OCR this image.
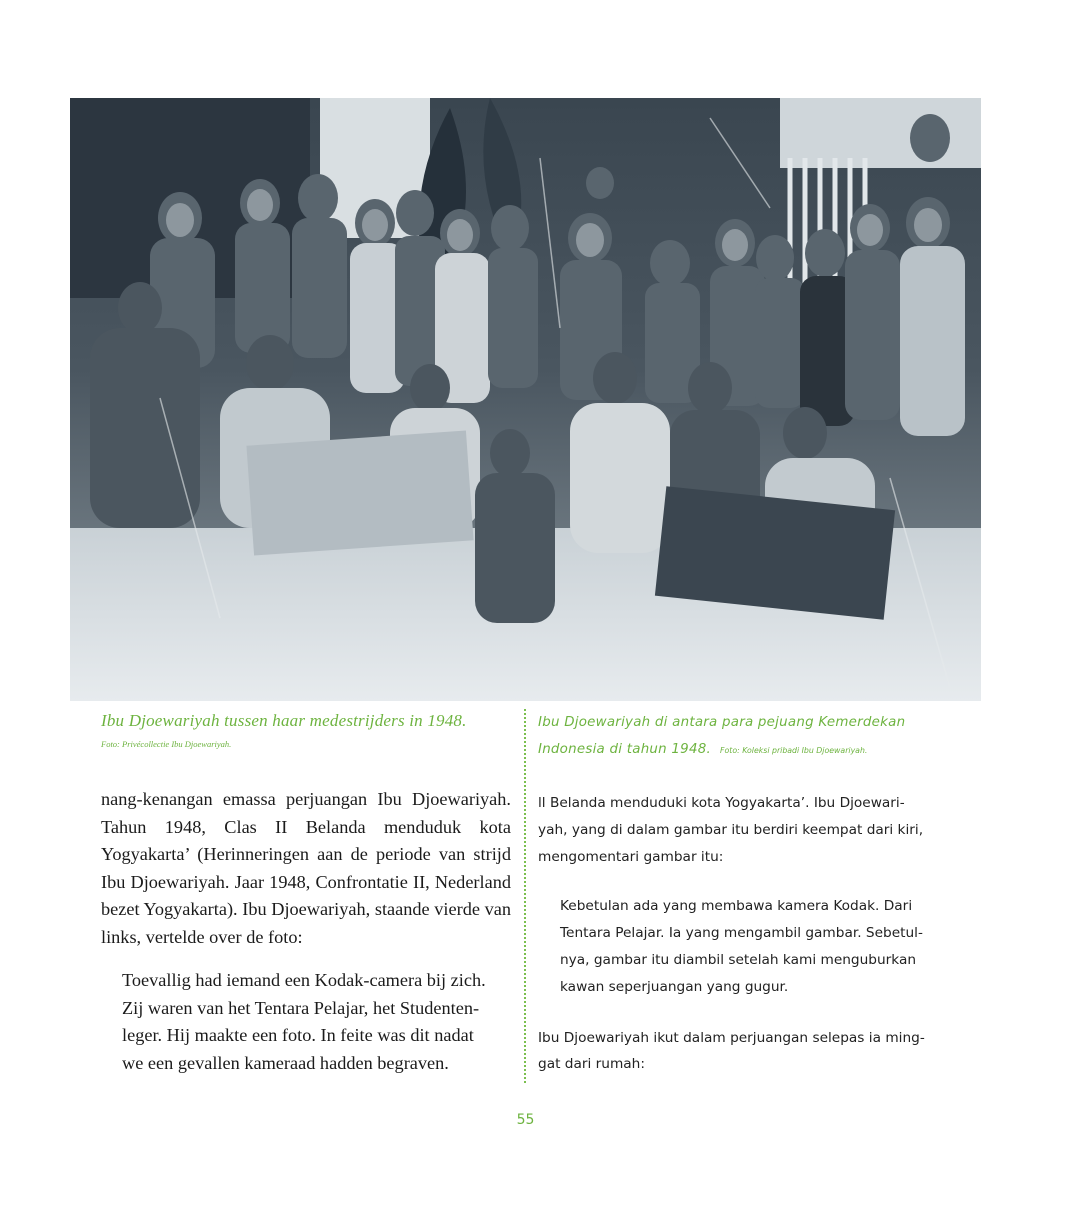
Ibu Djoewariyah tussen haar medestrijders in 1948.
Foto: Privécollectie Ibu Djoewariyah.
Ibu Djoewariyah di antara para pejuang Kemerdekan
Indonesia di tahun 1948. Foto: Koleksi pribadi Ibu Djoewariyah.

nang-kenangan emassa perjuangan Ibu Djoewariyah. Tahun 1948, Clas II Belanda menduduk kota Yogyakarta’ (Herinneringen aan de periode van strijd Ibu Djoewariyah. Jaar 1948, Confrontatie II, Nederland bezet Yogyakarta). Ibu Djoewariyah, staande vierde van links, vertelde over de foto:

Toevallig had iemand een Kodak-camera bij zich.
Zij waren van het Tentara Pelajar, het Studenten-
leger. Hij maakte een foto. In feite was dit nadat
we een gevallen kameraad hadden begraven.

ll Belanda menduduki kota Yogyakarta’. Ibu Djoewari-
yah, yang di dalam gambar itu berdiri keempat dari kiri,
mengomentari gambar itu:

Kebetulan ada yang membawa kamera Kodak. Dari
Tentara Pelajar. Ia yang mengambil gambar. Sebetul-
nya, gambar itu diambil setelah kami menguburkan
kawan seperjuangan yang gugur.

Ibu Djoewariyah ikut dalam perjuangan selepas ia ming-
gat dari rumah:

55
